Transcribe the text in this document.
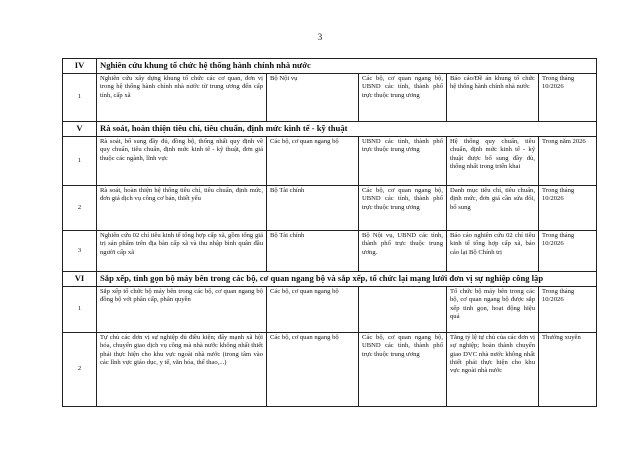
3
IV	Nghiên cứu khung tổ chức hệ thống hành chính nhà nước				
1	Nghiên cứu xây dựng khung tổ chức các cơ quan, đơn vị trong hệ thống hành chính nhà nước từ trung ương đến cấp tỉnh, cấp xã	Bộ Nội vụ	Các bộ, cơ quan ngang bộ, UBND các tỉnh, thành phố trực thuộc trung ương	Báo cáo/Đề án khung tổ chức hệ thống hành chính nhà nước	Trong tháng 10/2026
V	Rà soát, hoàn thiện tiêu chí, tiêu chuẩn, định mức kinh tế - kỹ thuật				
1	Rà soát, bổ sung đầy đủ, đồng bộ, thống nhất quy định về quy chuẩn, tiêu chuẩn, định mức kinh tế - kỹ thuật, đơn giá thuộc các ngành, lĩnh vực	Các bộ, cơ quan ngang bộ	UBND các tỉnh, thành phố trực thuộc trung ương	Hệ thống quy chuẩn, tiêu chuẩn, định mức kinh tế - kỹ thuật được bổ sung đầy đủ, thống nhất trong triển khai	Trong năm 2026
2	Rà soát, hoàn thiện hệ thống tiêu chí, tiêu chuẩn, định mức, đơn giá dịch vụ công cơ bản, thiết yếu	Bộ Tài chính	Các bộ, cơ quan ngang bộ, UBND các tỉnh, thành phố trực thuộc trung ương	Danh mục tiêu chí, tiêu chuẩn, định mức, đơn giá cần sửa đổi, bổ sung	Trong tháng 10/2026
3	Nghiên cứu 02 chỉ tiêu kinh tế tổng hợp cấp xã, gồm tổng giá trị sản phẩm trên địa bàn cấp xã và thu nhập bình quân đầu người cấp xã	Bộ Tài chính	Bộ Nội vụ, UBND các tỉnh, thành phố trực thuộc trung ương.	Báo cáo nghiên cứu 02 chỉ tiêu kinh tế tổng hợp cấp xã, báo cáo lại Bộ Chính trị	Trong tháng 10/2026
VI	Sắp xếp, tinh gọn bộ máy bên trong các bộ, cơ quan ngang bộ và sắp xếp, tổ chức lại mạng lưới đơn vị sự nghiệp công lập				
1	Sắp xếp tổ chức bộ máy bên trong các bộ, cơ quan ngang bộ đồng bộ với phân cấp, phân quyền	Các bộ, cơ quan ngang bộ		Tổ chức bộ máy bên trong các bộ, cơ quan ngang bộ được sắp xếp tinh gọn, hoạt động hiệu quả	Trong tháng 10/2026
2	Tự chủ các đơn vị sự nghiệp đủ điều kiện; đẩy mạnh xã hội hóa, chuyển giao dịch vụ công mà nhà nước không nhất thiết phải thực hiện cho khu vực ngoài nhà nước (trong tâm vào các lĩnh vực giáo dục, y tế, văn hóa, thể thao,...)	Các bộ, cơ quan ngang bộ	Các bộ, cơ quan ngang bộ, UBND các tỉnh, thành phố trực thuộc trung ương	Tăng tỷ lệ tự chủ của các đơn vị sự nghiệp; hoàn thành chuyển giao DVC nhà nước không nhất thiết phải thực hiện cho khu vực ngoài nhà nước	Thường xuyên
